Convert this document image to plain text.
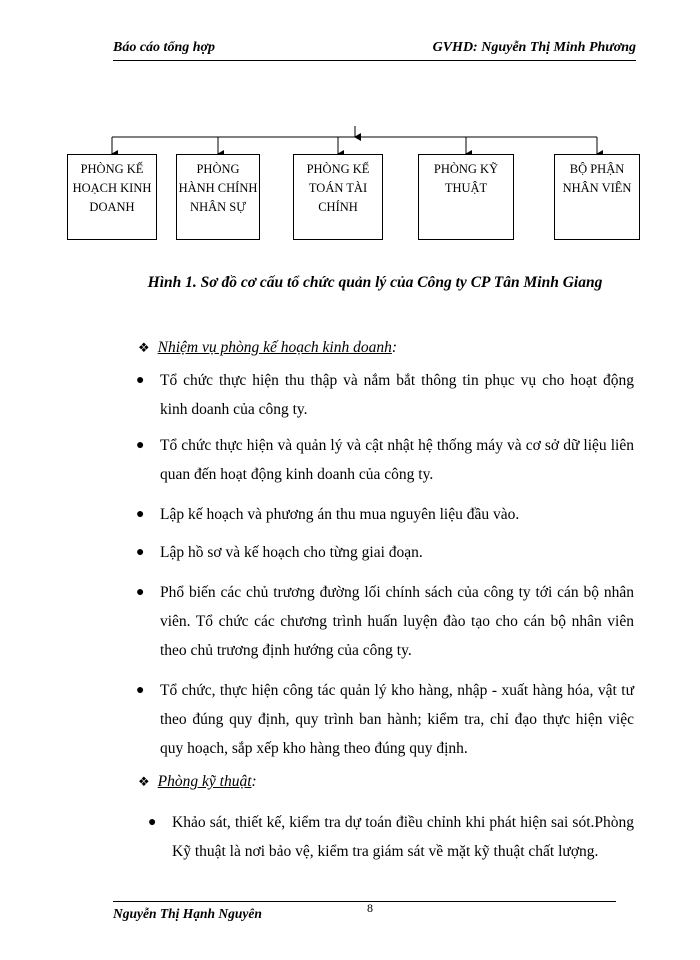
Báo cáo tổng hợp	GVHD: Nguyễn Thị Minh Phương
PHÒNG KẾ HOẠCH KINH DOANH
PHÒNG HÀNH CHÍNH NHÂN SỰ
PHÒNG KẾ TOÁN TÀI CHÍNH
PHÒNG KỸ THUẬT
BỘ PHẬN NHÂN VIÊN
Hình 1. Sơ đồ cơ cấu tổ chức quản lý của Công ty CP Tân Minh Giang
❖ Nhiệm vụ phòng kế hoạch kinh doanh:
● Tổ chức thực hiện thu thập và nắm bắt thông tin phục vụ cho hoạt động kinh doanh của công ty.

● Tổ chức thực hiện và quản lý và cật nhật hệ thống máy và cơ sở dữ liệu liên quan đến hoạt động kinh doanh của công ty.

● Lập kế hoạch và phương án thu mua nguyên liệu đầu vào.

● Lập hồ sơ và kế hoạch cho từng giai đoạn.

● Phổ biến các chủ trương đường lối chính sách của công ty tới cán bộ nhân viên. Tổ chức các chương trình huấn luyện đào tạo cho cán bộ nhân viên theo chủ trương định hướng của công ty.

● Tổ chức, thực hiện công tác quản lý kho hàng, nhập - xuất hàng hóa, vật tư theo đúng quy định, quy trình ban hành; kiểm tra, chỉ đạo thực hiện việc quy hoạch, sắp xếp kho hàng theo đúng quy định.

❖ Phòng kỹ thuật:
● Khảo sát, thiết kế, kiểm tra dự toán điều chỉnh khi phát hiện sai sót.Phòng Kỹ thuật là nơi bảo vệ, kiểm tra giám sát về mặt kỹ thuật chất lượng.

Nguyễn Thị Hạnh Nguyên	8
